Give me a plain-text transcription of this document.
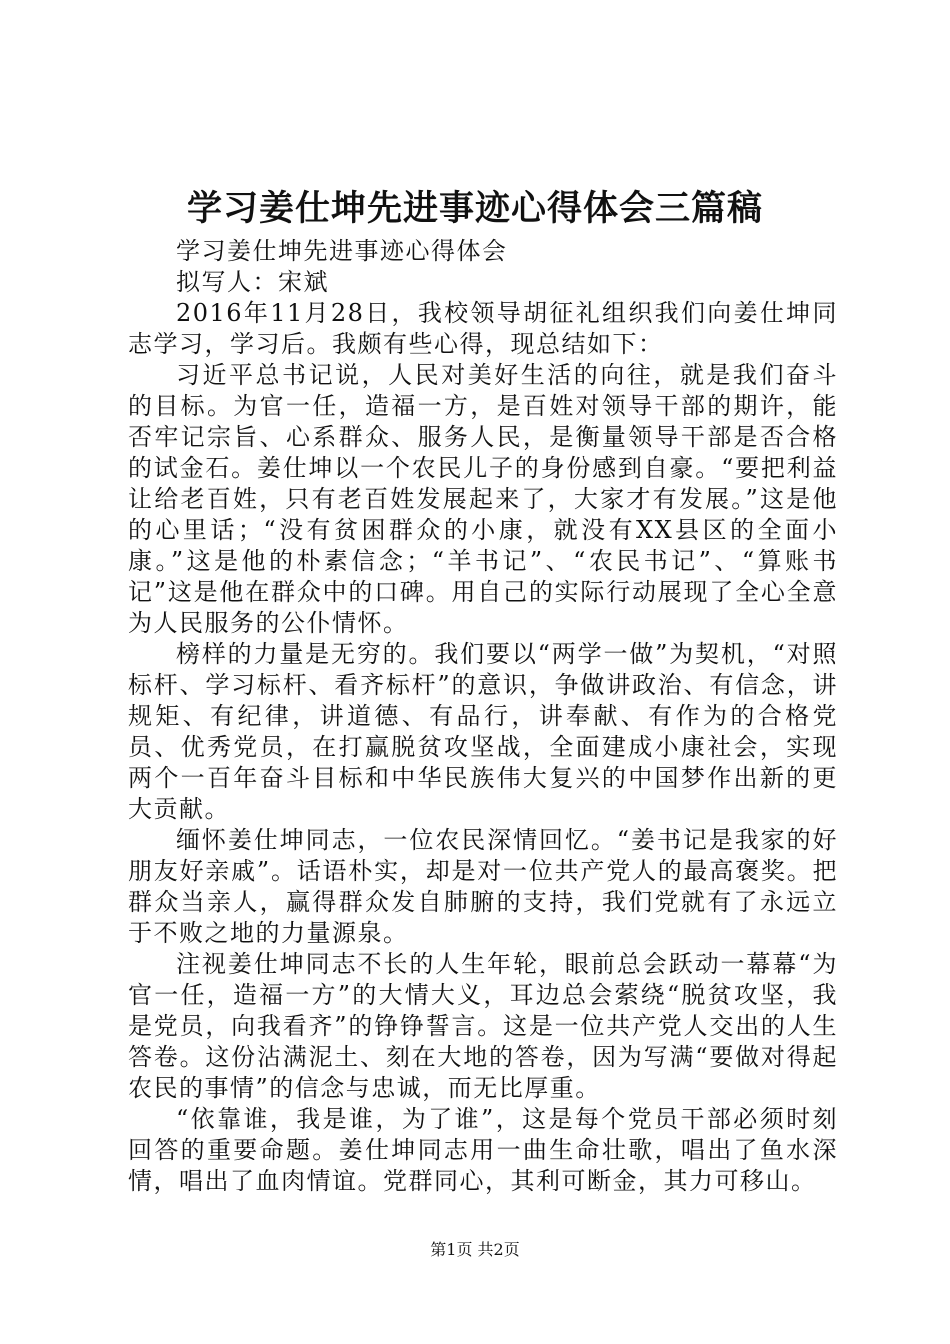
学习姜仕坤先进事迹心得体会三篇稿

学习姜仕坤先进事迹心得体会

拟写人：宋斌

2016年11月28日，我校领导胡征礼组织我们向姜仕坤同志学习，学习后。我颇有些心得，现总结如下：

习近平总书记说，人民对美好生活的向往，就是我们奋斗的目标。为官一任，造福一方，是百姓对领导干部的期许，能否牢记宗旨、心系群众、服务人民，是衡量领导干部是否合格的试金石。姜仕坤以一个农民儿子的身份感到自豪。“要把利益让给老百姓，只有老百姓发展起来了，大家才有发展。”这是他的心里话；“没有贫困群众的小康，就没有XX县区的全面小康。”这是他的朴素信念；“羊书记”、“农民书记”、“算账书记”这是他在群众中的口碑。用自己的实际行动展现了全心全意为人民服务的公仆情怀。

榜样的力量是无穷的。我们要以“两学一做”为契机，“对照标杆、学习标杆、看齐标杆”的意识，争做讲政治、有信念，讲规矩、有纪律，讲道德、有品行，讲奉献、有作为的合格党员、优秀党员，在打赢脱贫攻坚战，全面建成小康社会，实现两个一百年奋斗目标和中华民族伟大复兴的中国梦作出新的更大贡献。

缅怀姜仕坤同志，一位农民深情回忆。“姜书记是我家的好朋友好亲戚”。话语朴实，却是对一位共产党人的最高褒奖。把群众当亲人，赢得群众发自肺腑的支持，我们党就有了永远立于不败之地的力量源泉。

注视姜仕坤同志不长的人生年轮，眼前总会跃动一幕幕“为官一任，造福一方”的大情大义，耳边总会萦绕“脱贫攻坚，我是党员，向我看齐”的铮铮誓言。这是一位共产党人交出的人生答卷。这份沾满泥土、刻在大地的答卷，因为写满“要做对得起农民的事情”的信念与忠诚，而无比厚重。

“依靠谁，我是谁，为了谁”，这是每个党员干部必须时刻回答的重要命题。姜仕坤同志用一曲生命壮歌，唱出了鱼水深情，唱出了血肉情谊。党群同心，其利可断金，其力可移山。

第1页 共2页
